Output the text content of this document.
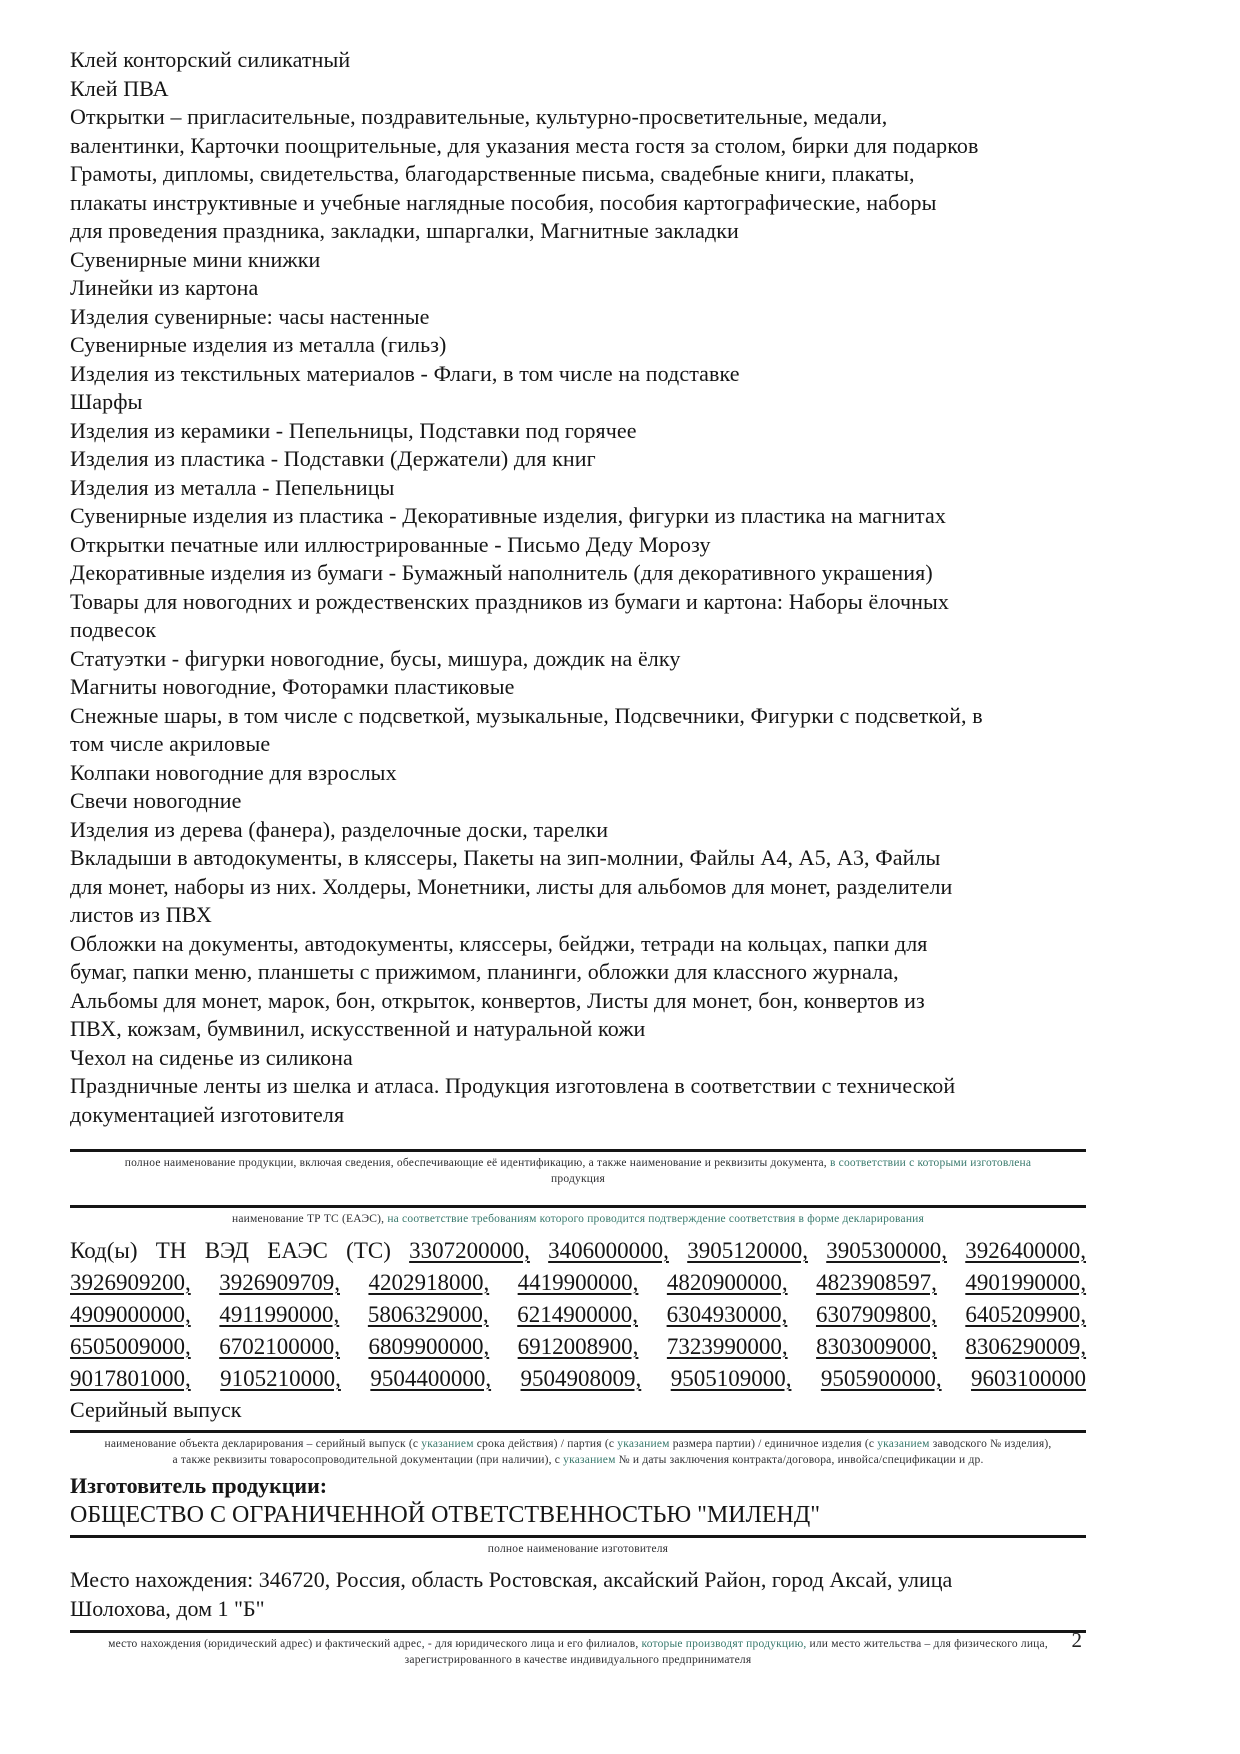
Клей конторский силикатный
Клей ПВА
Открытки – пригласительные, поздравительные, культурно-просветительные, медали,
валентинки, Карточки поощрительные, для указания места гостя за столом, бирки для подарков
Грамоты, дипломы, свидетельства, благодарственные письма, свадебные книги, плакаты,
плакаты инструктивные и учебные наглядные пособия, пособия картографические, наборы
для проведения праздника, закладки, шпаргалки, Магнитные закладки
Сувенирные мини книжки
Линейки из картона
Изделия сувенирные: часы настенные
Сувенирные изделия из металла (гильз)
Изделия из текстильных материалов - Флаги, в том числе на подставке
Шарфы
Изделия из керамики - Пепельницы, Подставки под горячее
Изделия из пластика - Подставки (Держатели) для книг
Изделия из металла - Пепельницы
Сувенирные изделия из пластика - Декоративные изделия, фигурки из пластика на магнитах
Открытки печатные или иллюстрированные - Письмо Деду Морозу
Декоративные изделия из бумаги - Бумажный наполнитель (для декоративного украшения)
Товары для новогодних и рождественских праздников из бумаги и картона: Наборы ёлочных
подвесок
Статуэтки - фигурки новогодние, бусы, мишура, дождик на ёлку
Магниты новогодние, Фоторамки пластиковые
Снежные шары, в том числе с подсветкой, музыкальные, Подсвечники, Фигурки с подсветкой, в
том числе акриловые
Колпаки новогодние для взрослых
Свечи новогодние
Изделия из дерева (фанера), разделочные доски, тарелки
Вкладыши в автодокументы, в кляссеры, Пакеты на зип-молнии, Файлы А4, А5, А3, Файлы
для монет, наборы из них. Холдеры, Монетники, листы для альбомов для монет, разделители
листов из ПВХ
Обложки на документы, автодокументы, кляссеры, бейджи, тетради на кольцах, папки для
бумаг, папки меню, планшеты с прижимом, планинги, обложки для классного журнала,
Альбомы для монет, марок, бон, открыток, конвертов, Листы для монет, бон, конвертов из
ПВХ, кожзам, бумвинил, искусственной и натуральной кожи
Чехол на сиденье из силикона
Праздничные ленты из шелка и атласа. Продукция изготовлена в соответствии с технической
документацией изготовителя
полное наименование продукции, включая сведения, обеспечивающие её идентификацию, а также наименование и реквизиты документа, в соответствии с которыми изготовлена
продукция
наименование ТР ТС (ЕАЭС), на соответствие требованиям которого проводится подтверждение соответствия в форме декларирования
Код(ы) ТН ВЭД ЕАЭС (ТС) 3307200000, 3406000000, 3905120000, 3905300000, 3926400000,
3926909200, 3926909709, 4202918000, 4419900000, 4820900000, 4823908597, 4901990000,
4909000000, 4911990000, 5806329000, 6214900000, 6304930000, 6307909800, 6405209900,
6505009000, 6702100000, 6809900000, 6912008900, 7323990000, 8303009000, 8306290009,
9017801000, 9105210000, 9504400000, 9504908009, 9505109000, 9505900000, 9603100000
Серийный выпуск
наименование объекта декларирования – серийный выпуск (с указанием срока действия) / партия (с указанием размера партии) / единичное изделия (с указанием заводского № изделия),
а также реквизиты товаросопроводительной документации (при наличии), с указанием № и даты заключения контракта/договора, инвойса/спецификации и др.
Изготовитель продукции:
ОБЩЕСТВО С ОГРАНИЧЕННОЙ ОТВЕТСТВЕННОСТЬЮ "МИЛЕНД"
полное наименование изготовителя
Место нахождения: 346720, Россия, область Ростовская, аксайский Район, город Аксай, улица
Шолохова, дом 1 "Б"
место нахождения (юридический адрес) и фактический адрес, - для юридического лица и его филиалов, которые производят продукцию, или место жительства – для физического лица,
зарегистрированного в качестве индивидуального предпринимателя
2
